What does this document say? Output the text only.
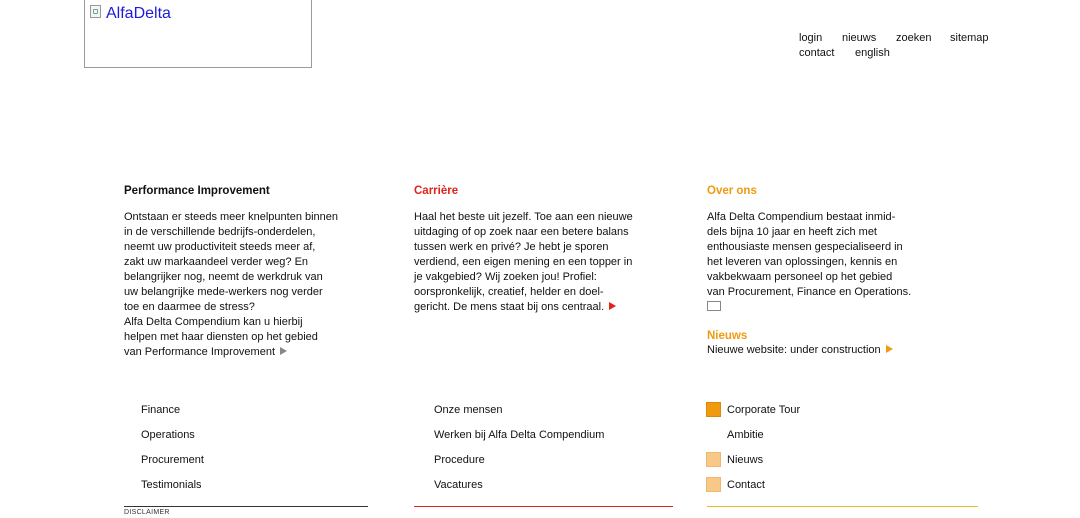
AlfaDelta
login nieuws zoeken sitemap
contact english
Performance Improvement

Ontstaan er steeds meer knelpunten binnen
in de verschillende bedrijfs-onderdelen,
neemt uw productiviteit steeds meer af,
zakt uw markaandeel verder weg? En
belangrijker nog, neemt de werkdruk van
uw belangrijke mede-werkers nog verder
toe en daarmee de stress?
Alfa Delta Compendium kan u hierbij
helpen met haar diensten op het gebied
van Performance Improvement

Carrière

Haal het beste uit jezelf. Toe aan een nieuwe
uitdaging of op zoek naar een betere balans
tussen werk en privé? Je hebt je sporen
verdiend, een eigen mening en een topper in
je vakgebied? Wij zoeken jou! Profiel:
oorspronkelijk, creatief, helder en doel-
gericht. De mens staat bij ons centraal.

Over ons

Alfa Delta Compendium bestaat inmid-
dels bijna 10 jaar en heeft zich met
enthousiaste mensen gespecialiseerd in
het leveren van oplossingen, kennis en
vakbekwaam personeel op het gebied
van Procurement, Finance en Operations.

Nieuws

Nieuwe website: under construction

Finance
Operations
Procurement
Testimonials
Onze mensen
Werken bij Alfa Delta Compendium
Procedure
Vacatures
Corporate Tour
Ambitie
Nieuws
Contact
DISCLAIMER
